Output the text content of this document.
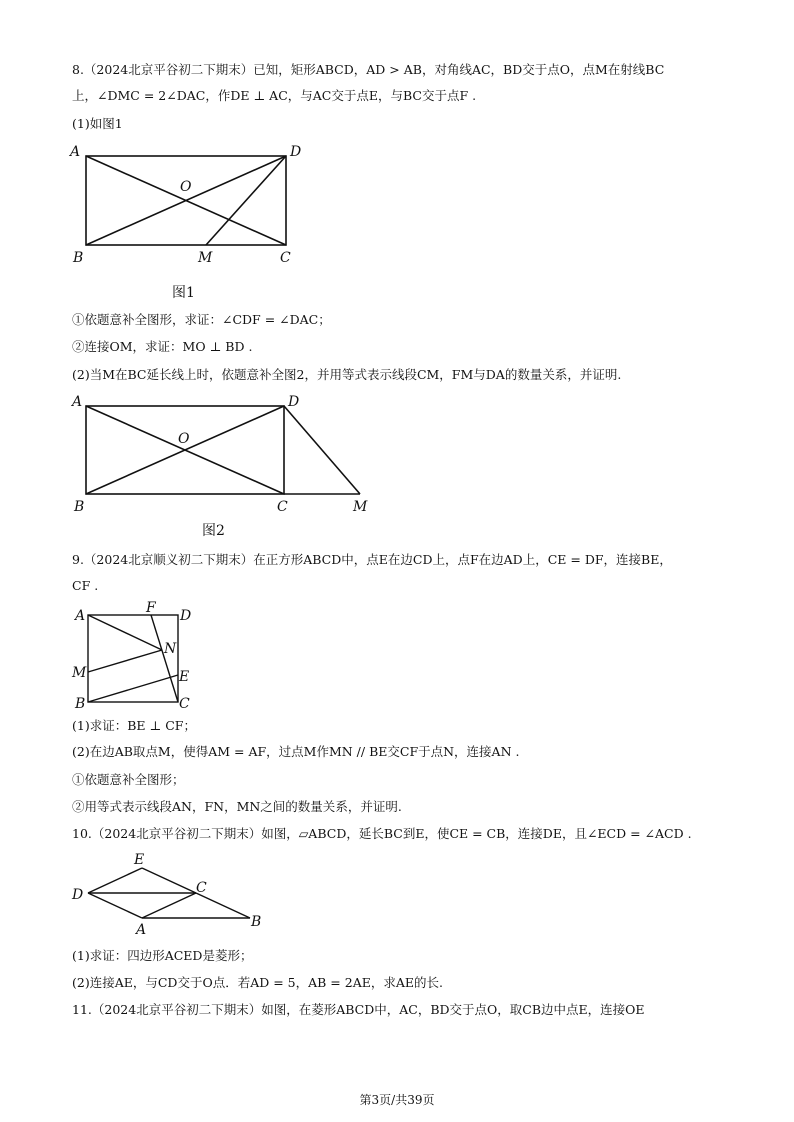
8.（2024北京平谷初二下期末）已知，矩形ABCD，AD > AB，对角线AC，BD交于点O，点M在射线BC
上，∠DMC = 2∠DAC，作DE ⊥ AC，与AC交于点E，与BC交于点F .
(1)如图1
A	D
O
B	M	C
图1
①依题意补全图形，求证：∠CDF = ∠DAC；
②连接OM，求证：MO ⊥ BD .
(2)当M在BC延长线上时，依题意补全图2，并用等式表示线段CM，FM与DA的数量关系，并证明.
A	D
O
B	C	M
图2
9.（2024北京顺义初二下期末）在正方形ABCD中，点E在边CD上，点F在边AD上，CE = DF，连接BE，
CF .
A	F D
N
M	E
B	C
(1)求证：BE ⊥ CF；
(2)在边AB取点M，使得AM = AF，过点M作MN // BE交CF于点N，连接AN .
①依题意补全图形；
②用等式表示线段AN，FN，MN之间的数量关系，并证明.
10.（2024北京平谷初二下期末）如图，▱ABCD，延长BC到E，使CE = CB，连接DE，且∠ECD = ∠ACD .
E
D	C
B
A
(1)求证：四边形ACED是菱形；
(2)连接AE，与CD交于O点．若AD = 5，AB = 2AE，求AE的长.
11.（2024北京平谷初二下期末）如图，在菱形ABCD中，AC，BD交于点O，取CB边中点E，连接OE
第3页/共39页
